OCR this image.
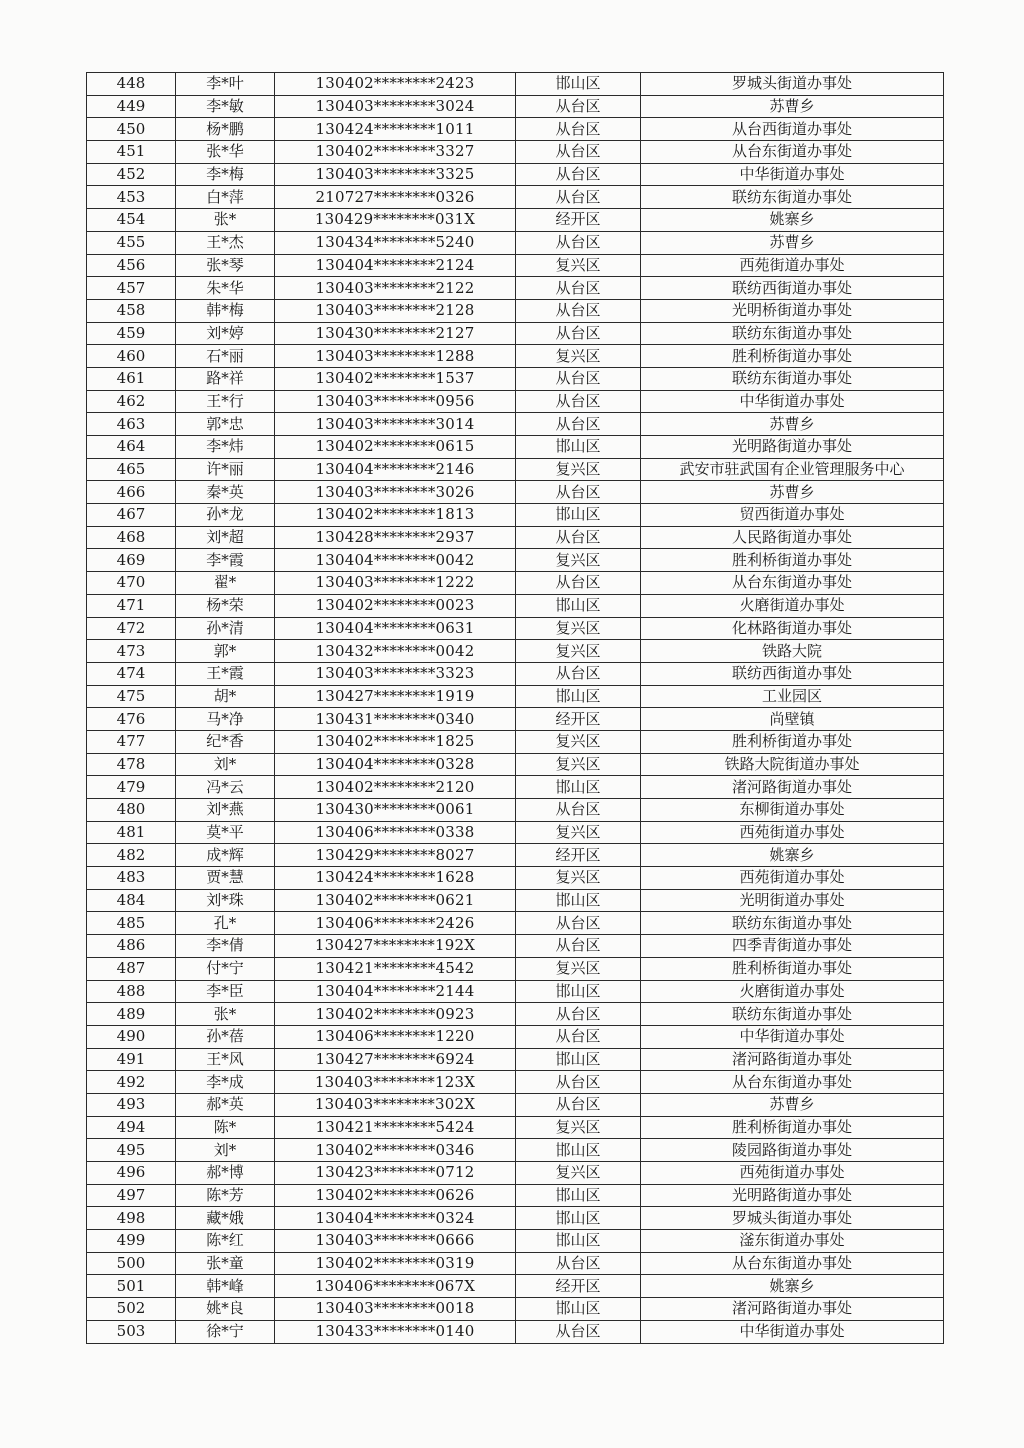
448	李*叶	130402********2423	邯山区	罗城头街道办事处
449	李*敏	130403********3024	从台区	苏曹乡
450	杨*鹏	130424********1011	从台区	从台西街道办事处
451	张*华	130402********3327	从台区	从台东街道办事处
452	李*梅	130403********3325	从台区	中华街道办事处
453	白*萍	210727********0326	从台区	联纺东街道办事处
454	张*	130429********031X	经开区	姚寨乡
455	王*杰	130434********5240	从台区	苏曹乡
456	张*琴	130404********2124	复兴区	西苑街道办事处
457	朱*华	130403********2122	从台区	联纺西街道办事处
458	韩*梅	130403********2128	从台区	光明桥街道办事处
459	刘*婷	130430********2127	从台区	联纺东街道办事处
460	石*丽	130403********1288	复兴区	胜利桥街道办事处
461	路*祥	130402********1537	从台区	联纺东街道办事处
462	王*行	130403********0956	从台区	中华街道办事处
463	郭*忠	130403********3014	从台区	苏曹乡
464	李*炜	130402********0615	邯山区	光明路街道办事处
465	许*丽	130404********2146	复兴区	武安市驻武国有企业管理服务中心
466	秦*英	130403********3026	从台区	苏曹乡
467	孙*龙	130402********1813	邯山区	贸西街道办事处
468	刘*超	130428********2937	从台区	人民路街道办事处
469	李*霞	130404********0042	复兴区	胜利桥街道办事处
470	翟*	130403********1222	从台区	从台东街道办事处
471	杨*荣	130402********0023	邯山区	火磨街道办事处
472	孙*清	130404********0631	复兴区	化林路街道办事处
473	郭*	130432********0042	复兴区	铁路大院
474	王*霞	130403********3323	从台区	联纺西街道办事处
475	胡*	130427********1919	邯山区	工业园区
476	马*净	130431********0340	经开区	尚壁镇
477	纪*香	130402********1825	复兴区	胜利桥街道办事处
478	刘*	130404********0328	复兴区	铁路大院街道办事处
479	冯*云	130402********2120	邯山区	渚河路街道办事处
480	刘*燕	130430********0061	从台区	东柳街道办事处
481	莫*平	130406********0338	复兴区	西苑街道办事处
482	成*辉	130429********8027	经开区	姚寨乡
483	贾*慧	130424********1628	复兴区	西苑街道办事处
484	刘*珠	130402********0621	邯山区	光明街道办事处
485	孔*	130406********2426	从台区	联纺东街道办事处
486	李*倩	130427********192X	从台区	四季青街道办事处
487	付*宁	130421********4542	复兴区	胜利桥街道办事处
488	李*臣	130404********2144	邯山区	火磨街道办事处
489	张*	130402********0923	从台区	联纺东街道办事处
490	孙*蓓	130406********1220	从台区	中华街道办事处
491	王*风	130427********6924	邯山区	渚河路街道办事处
492	李*成	130403********123X	从台区	从台东街道办事处
493	郝*英	130403********302X	从台区	苏曹乡
494	陈*	130421********5424	复兴区	胜利桥街道办事处
495	刘*	130402********0346	邯山区	陵园路街道办事处
496	郝*博	130423********0712	复兴区	西苑街道办事处
497	陈*芳	130402********0626	邯山区	光明路街道办事处
498	藏*娥	130404********0324	邯山区	罗城头街道办事处
499	陈*红	130403********0666	邯山区	滏东街道办事处
500	张*童	130402********0319	从台区	从台东街道办事处
501	韩*峰	130406********067X	经开区	姚寨乡
502	姚*良	130403********0018	邯山区	渚河路街道办事处
503	徐*宁	130433********0140	从台区	中华街道办事处
